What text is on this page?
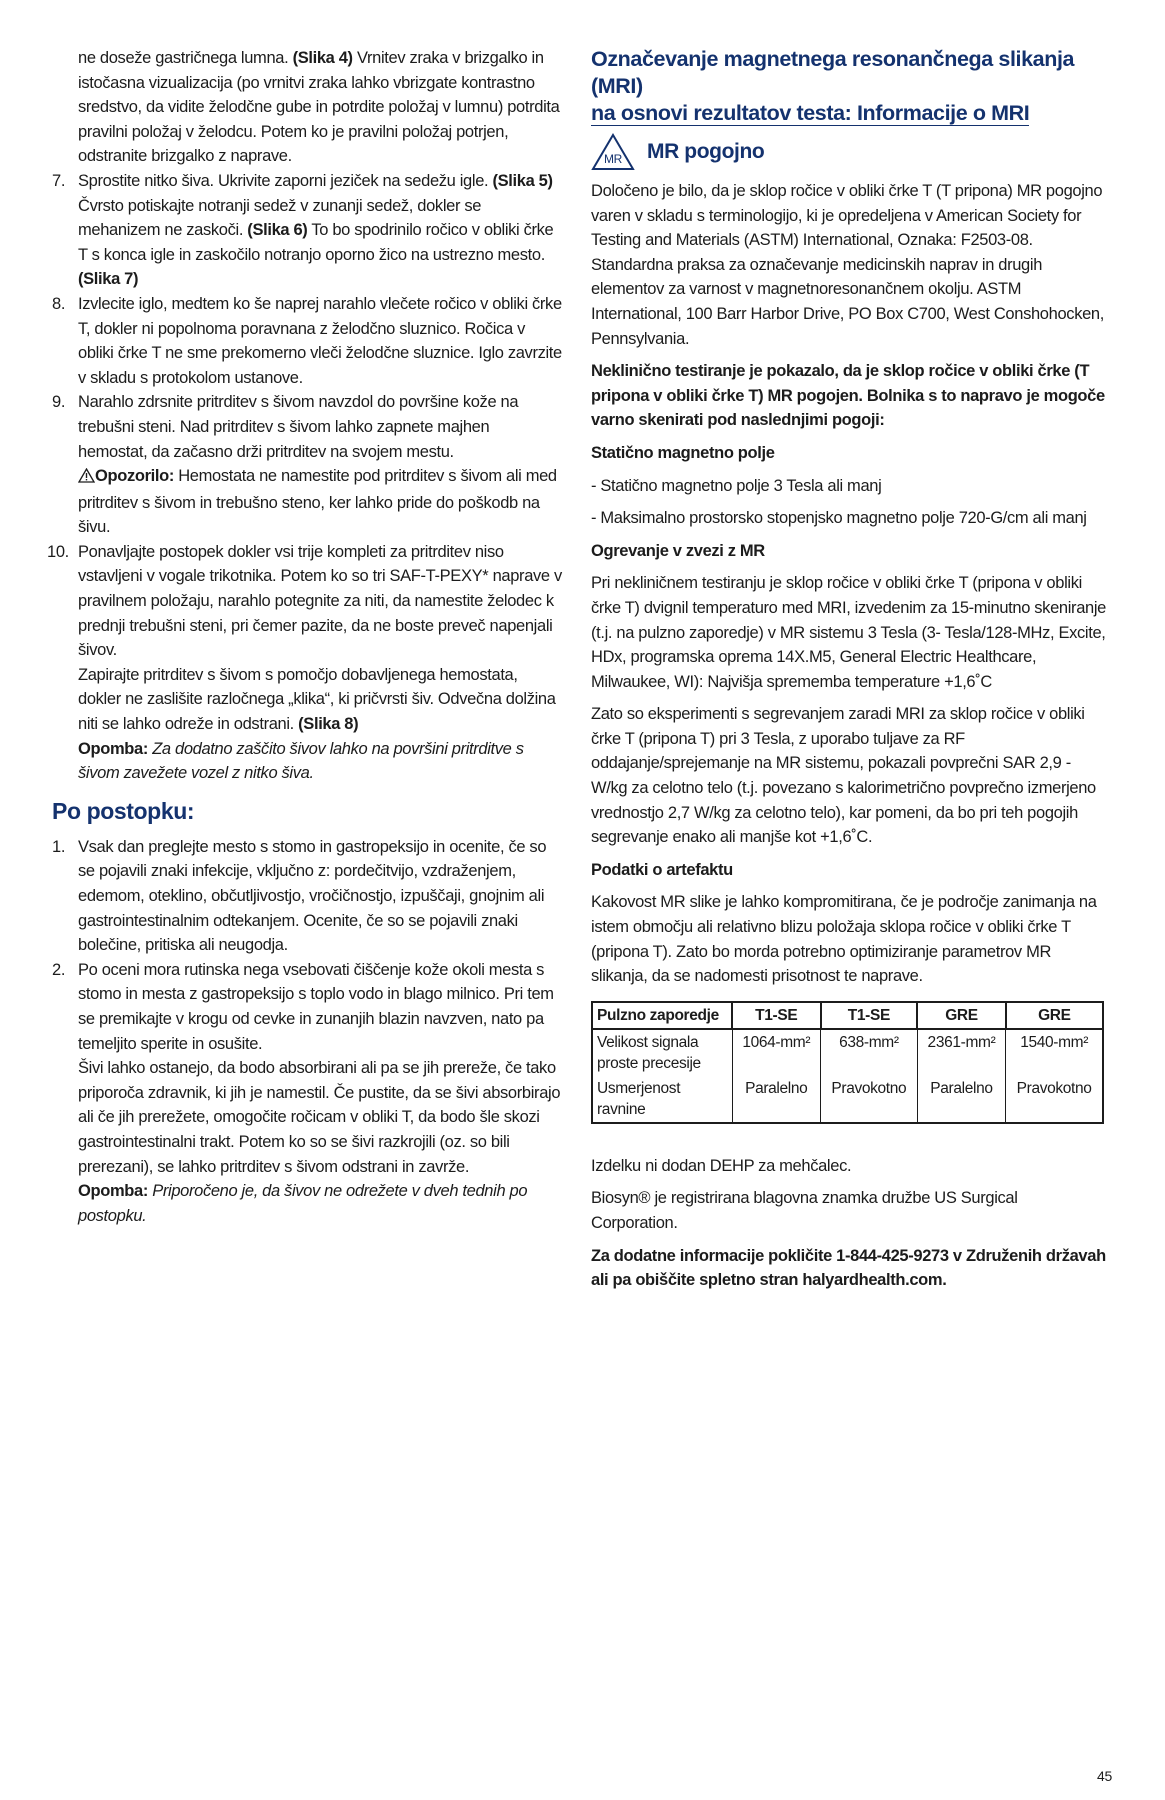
ne doseže gastričnega lumna. (Slika 4) Vrnitev zraka v brizgalko in istočasna vizualizacija (po vrnitvi zraka lahko vbrizgate kontrastno sredstvo, da vidite želodčne gube in potrdite položaj v lumnu) potrdita pravilni položaj v želodcu. Potem ko je pravilni položaj potrjen, odstranite brizgalko z naprave.

7. Sprostite nitko šiva. Ukrivite zaporni jeziček na sedežu igle. (Slika 5) Čvrsto potiskajte notranji sedež v zunanji sedež, dokler se mehanizem ne zaskoči. (Slika 6) To bo spodrinilo ročico v obliki črke T s konca igle in zaskočilo notranjo oporno žico na ustrezno mesto. (Slika 7)
8. Izvlecite iglo, medtem ko še naprej narahlo vlečete ročico v obliki črke T, dokler ni popolnoma poravnana z želodčno sluznico. Ročica v obliki črke T ne sme prekomerno vleči želodčne sluznice. Iglo zavrzite v skladu s protokolom ustanove.
9. Narahlo zdrsnite pritrditev s šivom navzdol do površine kože na trebušni steni. Nad pritrditev s šivom lahko zapnete majhen hemostat, da začasno drži pritrditev na svojem mestu.
Opozorilo: Hemostata ne namestite pod pritrditev s šivom ali med pritrditev s šivom in trebušno steno, ker lahko pride do poškodb na šivu.
10. Ponavljajte postopek dokler vsi trije kompleti za pritrditev niso vstavljeni v vogale trikotnika. Potem ko so tri SAF-T-PEXY* naprave v pravilnem položaju, narahlo potegnite za niti, da namestite želodec k prednji trebušni steni, pri čemer pazite, da ne boste preveč napenjali šivov.
Zapirajte pritrditev s šivom s pomočjo dobavljenega hemostata, dokler ne zaslišite razločnega „klika“, ki pričvrsti šiv. Odvečna dolžina niti se lahko odreže in odstrani. (Slika 8)
Opomba: Za dodatno zaščito šivov lahko na površini pritrditve s šivom zavežete vozel z nitko šiva.
Po postopku:
1. Vsak dan preglejte mesto s stomo in gastropeksijo in ocenite, če so se pojavili znaki infekcije, vključno z: pordečitvijo, vzdraženjem, edemom, oteklino, občutljivostjo, vročičnostjo, izpuščaji, gnojnim ali gastrointestinalnim odtekanjem. Ocenite, če so se pojavili znaki bolečine, pritiska ali neugodja.
2. Po oceni mora rutinska nega vsebovati čiščenje kože okoli mesta s stomo in mesta z gastropeksijo s toplo vodo in blago milnico. Pri tem se premikajte v krogu od cevke in zunanjih blazin navzven, nato pa temeljito sperite in osušite.
Šivi lahko ostanejo, da bodo absorbirani ali pa se jih prereže, če tako priporoča zdravnik, ki jih je namestil. Če pustite, da se šivi absorbirajo ali če jih prerežete, omogočite ročicam v obliki T, da bodo šle skozi gastrointestinalni trakt. Potem ko so se šivi razkrojili (oz. so bili prerezani), se lahko pritrditev s šivom odstrani in zavrže.
Opomba: Priporočeno je, da šivov ne odrežete v dveh tednih po postopku.
Označevanje magnetnega resonančnega slikanja (MRI)
na osnovi rezultatov testa: Informacije o MRI
MR MR pogojno

Določeno je bilo, da je sklop ročice v obliki črke T (T pripona) MR pogojno varen v skladu s terminologijo, ki je opredeljena v American Society for Testing and Materials (ASTM) International, Oznaka: F2503-08. Standardna praksa za označevanje medicinskih naprav in drugih elementov za varnost v magnetnoresonančnem okolju. ASTM International, 100 Barr Harbor Drive, PO Box C700, West Conshohocken, Pennsylvania.

Neklinično testiranje je pokazalo, da je sklop ročice v obliki črke (T pripona v obliki črke T) MR pogojen. Bolnika s to napravo je mogoče varno skenirati pod naslednjimi pogoji:

Statično magnetno polje

- Statično magnetno polje 3 Tesla ali manj

- Maksimalno prostorsko stopenjsko magnetno polje 720-G/cm ali manj

Ogrevanje v zvezi z MR

Pri nekliničnem testiranju je sklop ročice v obliki črke T (pripona v obliki črke T) dvignil temperaturo med MRI, izvedenim za 15-minutno skeniranje (t.j. na pulzno zaporedje) v MR sistemu 3 Tesla (3- Tesla/128-MHz, Excite, HDx, programska oprema 14X.M5, General Electric Healthcare, Milwaukee, WI): Najvišja sprememba temperature +1,6˚C

Zato so eksperimenti s segrevanjem zaradi MRI za sklop ročice v obliki črke T (pripona T) pri 3 Tesla, z uporabo tuljave za RF oddajanje/sprejemanje na MR sistemu, pokazali povprečni SAR 2,9 -W/kg za celotno telo (t.j. povezano s kalorimetrično povprečno izmerjeno vrednostjo 2,7 W/kg za celotno telo), kar pomeni, da bo pri teh pogojih segrevanje enako ali manjše kot +1,6˚C.

Podatki o artefaktu

Kakovost MR slike je lahko kompromitirana, če je področje zanimanja na istem območju ali relativno blizu položaja sklopa ročice v obliki črke T (pripona T). Zato bo morda potrebno optimiziranje parametrov MR slikanja, da se nadomesti prisotnost te naprave.

Pulzno zaporedje	T1-SE	T1-SE	GRE	GRE
Velikost signala proste precesije	1064-mm²	638-mm²	2361-mm²	1540-mm²
Usmerjenost ravnine	Paralelno	Pravokotno	Paralelno	Pravokotno

Izdelku ni dodan DEHP za mehčalec.

Biosyn® je registrirana blagovna znamka družbe US Surgical Corporation.

Za dodatne informacije pokličite 1-844-425-9273 v Združenih državah ali pa obiščite spletno stran halyardhealth.com.

45
